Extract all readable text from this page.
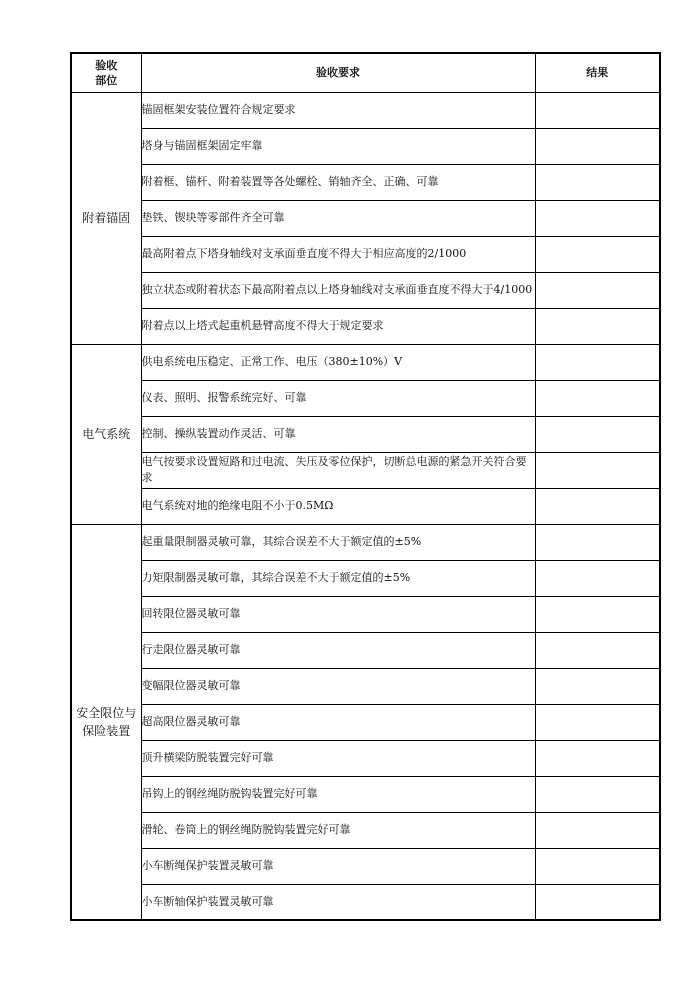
验收
部位	验收要求	结果

附着锚固	锚固框架安装位置符合规定要求	
	塔身与锚固框架固定牢靠	
	附着框、锚杆、附着装置等各处螺栓、销轴齐全、正确、可靠	
	垫铁、锲块等零部件齐全可靠	
	最高附着点下塔身轴线对支承面垂直度不得大于相应高度的2/1000	
	独立状态或附着状态下最高附着点以上塔身轴线对支承面垂直度不得大于4/1000	
	附着点以上塔式起重机悬臂高度不得大于规定要求	

电气系统	供电系统电压稳定、正常工作、电压（380±10%）V	
	仪表、照明、报警系统完好、可靠	
	控制、操纵装置动作灵活、可靠	
	电气按要求设置短路和过电流、失压及零位保护，切断总电源的紧急开关符合要求	
	电气系统对地的绝缘电阻不小于0.5MΩ	

安全限位与
保险装置	起重量限制器灵敏可靠，其综合误差不大于额定值的±5%	
	力矩限制器灵敏可靠，其综合误差不大于额定值的±5%	
	回转限位器灵敏可靠	
	行走限位器灵敏可靠	
	变幅限位器灵敏可靠	
	超高限位器灵敏可靠	
	顶升横梁防脱装置完好可靠	
	吊钩上的钢丝绳防脱钩装置完好可靠	
	滑轮、卷筒上的钢丝绳防脱钩装置完好可靠	
	小车断绳保护装置灵敏可靠	
	小车断轴保护装置灵敏可靠	
